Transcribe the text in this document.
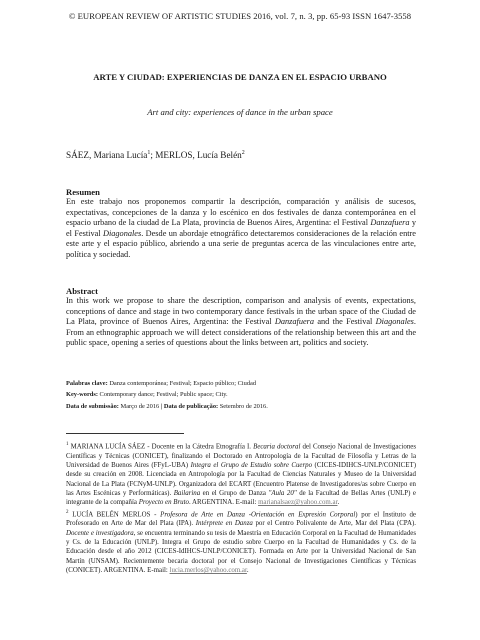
© EUROPEAN REVIEW OF ARTISTIC STUDIES 2016, vol. 7, n. 3, pp. 65-93 ISSN 1647-3558
ARTE Y CIUDAD: EXPERIENCIAS DE DANZA EN EL ESPACIO URBANO
Art and city: experiences of dance in the urban space
SÁEZ, Mariana Lucía$^1$; MERLOS, Lucía Belén$^2$
Resumen

En este trabajo nos proponemos compartir la descripción, comparación y análisis de sucesos, expectativas, concepciones de la danza y lo escénico en dos festivales de danza contemporánea en el espacio urbano de la ciudad de La Plata, provincia de Buenos Aires, Argentina: el Festival Danzafuera y el Festival Diagonales. Desde un abordaje etnográfico detectaremos consideraciones de la relación entre este arte y el espacio público, abriendo a una serie de preguntas acerca de las vinculaciones entre arte, política y sociedad.

Abstract

In this work we propose to share the description, comparison and analysis of events, expectations, conceptions of dance and stage in two contemporary dance festivals in the urban space of the Ciudad de La Plata, province of Buenos Aires, Argentina: the Festival Danzafuera and the Festival Diagonales. From an ethnographic approach we will detect considerations of the relationship between this art and the public space, opening a series of questions about the links between art, politics and society.

Palabras clave: Danza contemporánea; Festival; Espacio público; Ciudad
Key-words: Contemporary dance; Festival; Public space; City.
Data de submissão: Março de 2016 | Data de publicação: Setembro de 2016.

$^1$ MARIANA LUCÍA SÁEZ - Docente en la Cátedra Etnografía I. Becaria doctoral del Consejo Nacional de Investigaciones Científicas y Técnicas (CONICET), finalizando el Doctorado en Antropología de la Facultad de Filosofía y Letras de la Universidad de Buenos Aires (FFyL-UBA) Integra el Grupo de Estudio sobre Cuerpo (CICES-IDIHCS-UNLP/CONICET) desde su creación en 2008. Licenciada en Antropología por la Facultad de Ciencias Naturales y Museo de la Universidad Nacional de La Plata (FCNyM-UNLP). Organizadora del ECART (Encuentro Platense de Investigadores/as sobre Cuerpo en las Artes Escénicas y Performáticas). Bailarina en el Grupo de Danza "Aula 20" de la Facultad de Bellas Artes (UNLP) e integrante de la compañía Proyecto en Bruto. ARGENTINA. E-mail: marianalsaez@yahoo.com.ar.

$^2$ LUCÍA BELÉN MERLOS - Profesora de Arte en Danza -Orientación en Expresión Corporal) por el Instituto de Profesorado en Arte de Mar del Plata (IPA). Intérprete en Danza por el Centro Polivalente de Arte, Mar del Plata (CPA). Docente e investigadora, se encuentra terminando su tesis de Maestría en Educación Corporal en la Facultad de Humanidades y Cs. de la Educación (UNLP). Integra el Grupo de estudio sobre Cuerpo en la Facultad de Humanidades y Cs. de la Educación desde el año 2012 (CICES-IdIHCS-UNLP/CONICET). Formada en Arte por la Universidad Nacional de San Martín (UNSAM). Recientemente becaria doctoral por el Consejo Nacional de Investigaciones Científicas y Técnicas (CONICET). ARGENTINA. E-mail: lucia.merlos@yahoo.com.ar.
